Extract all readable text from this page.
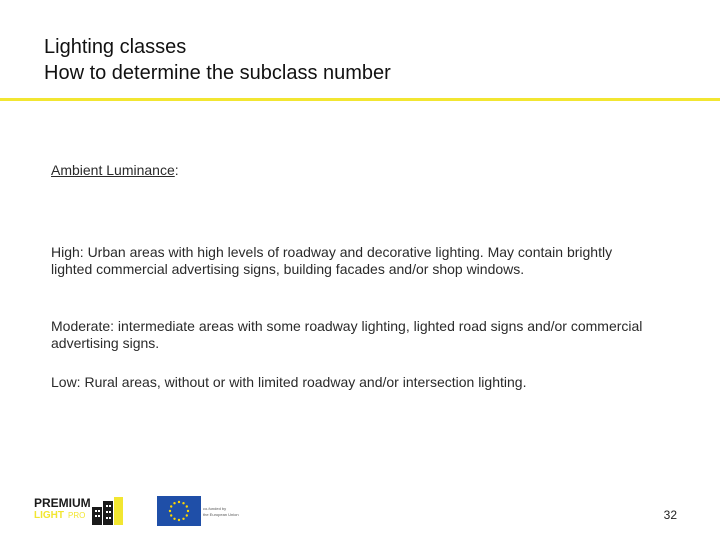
Lighting classes
How to determine the subclass number
Ambient Luminance:
High: Urban areas with high levels of roadway and decorative lighting. May contain brightly lighted commercial advertising signs, building facades and/or shop windows.
Moderate: intermediate areas with some roadway lighting, lighted road signs and/or commercial advertising signs.
Low: Rural areas, without or with limited roadway and/or intersection lighting.
PREMIUM
LIGHT PRO
co-funded by
the European Union	32
